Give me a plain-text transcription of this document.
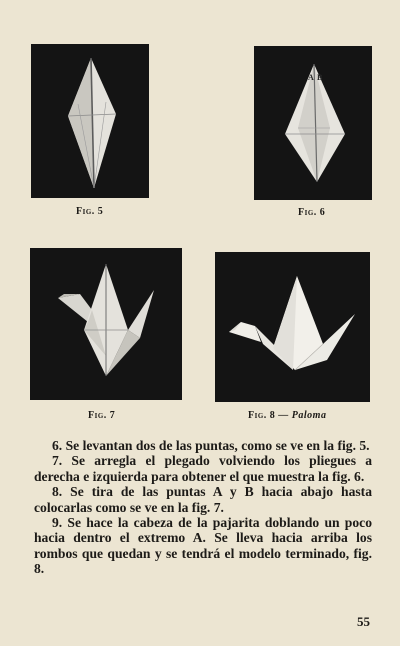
Fig. 5
A B
Fig. 6
Fig. 7	Fig. 8 — Paloma

6. Se levantan dos de las puntas, como se ve en la fig. 5.

7. Se arregla el plegado volviendo los pliegues a derecha e izquierda para obtener el que muestra la fig. 6.

8. Se tira de las puntas A y B hacia abajo hasta colocarlas como se ve en la fig. 7.

9. Se hace la cabeza de la pajarita doblando un poco hacia dentro el extremo A. Se lleva hacia arriba los rombos que quedan y se tendrá el modelo terminado, fig. 8.

55
